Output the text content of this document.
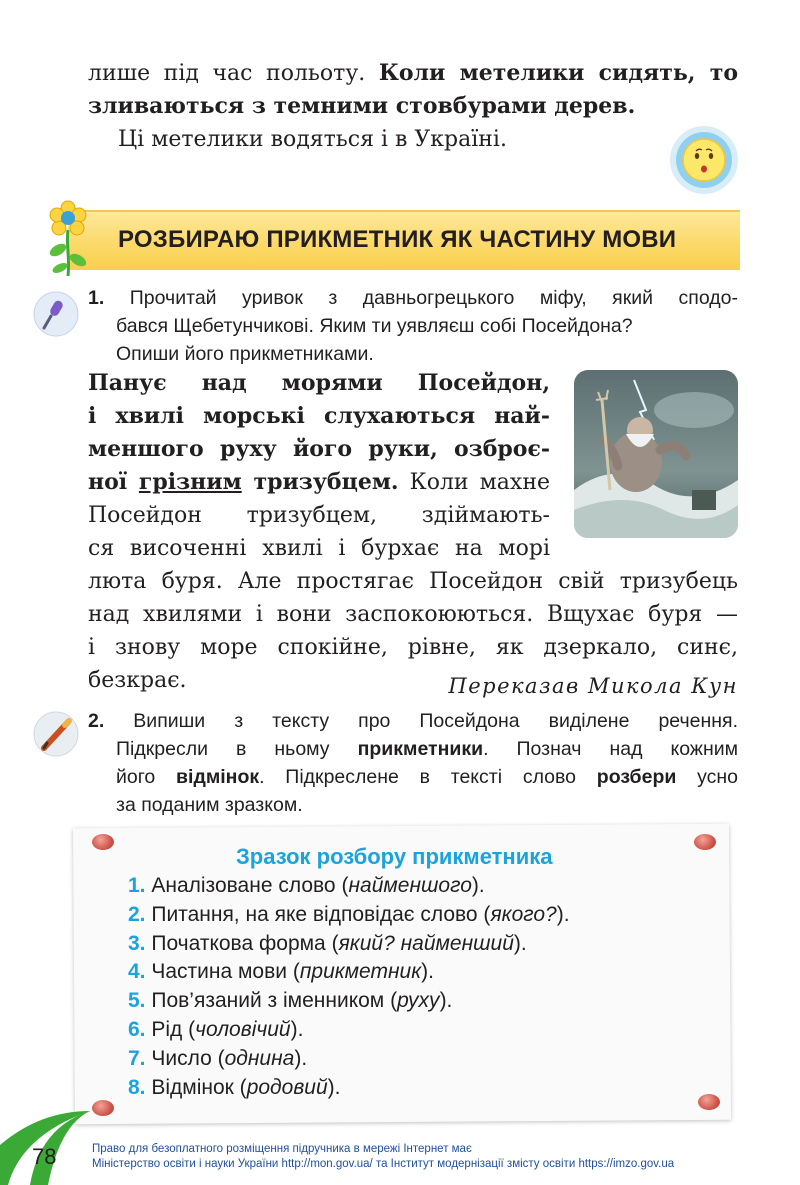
лише під час польоту. Коли метелики сидять, то
зливаються з темними стовбурами дерев.
Ці метелики водяться і в Україні.
РОЗБИРАЮ ПРИКМЕТНИК ЯК ЧАСТИНУ МОВИ
1. Прочитай уривок з давньогрецького міфу, який сподо-
бався Щебетунчикові. Яким ти уявляєш собі Посейдона?
Опиши його прикметниками.
Панує над морями Посейдон,
і хвилі морські слухаються най-
меншого руху його руки, озброє-
ної грізним тризубцем. Коли махне
Посейдон тризубцем, здіймають-
ся височенні хвилі і бурхає на морі
люта буря. Але простягає Посейдон свій тризубець
над хвилями і вони заспокоюються. Вщухає буря —
і знову море спокійне, рівне, як дзеркало, синє,
безкрає.	Переказав Микола Кун
2. Випиши з тексту про Посейдона виділене речення.
Підкресли в ньому прикметники. Познач над кожним
його відмінок. Підкреслене в тексті слово розбери усно
за поданим зразком.
Зразок розбору прикметника
1. Аналізоване слово (найменшого).
2. Питання, на яке відповідає слово (якого?).
3. Початкова форма (який? найменший).
4. Частина мови (прикметник).
5. Пов’язаний з іменником (руху).
6. Рід (чоловічий).
7. Число (однина).
8. Відмінок (родовий).
78	Право для безоплатного розміщення підручника в мережі Інтернет має
Міністерство освіти і науки України http://mon.gov.ua/ та Інститут модернізації змісту освіти https://imzo.gov.ua
